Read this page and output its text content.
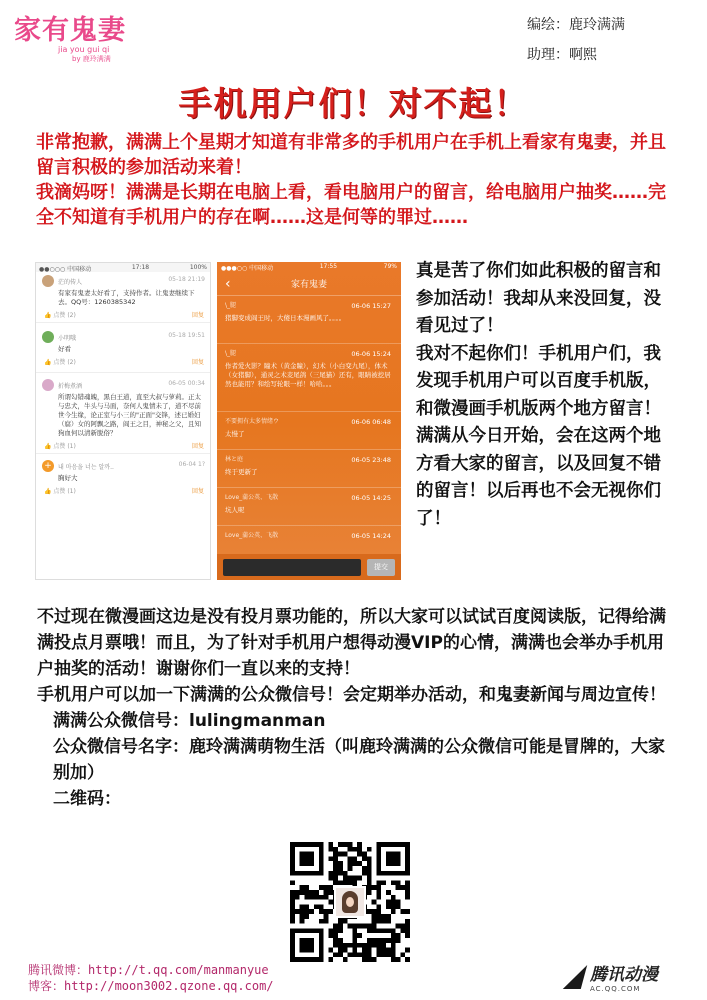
家有鬼妻
jia you gui qi
by 鹿玲满满
编绘：鹿玲满满
助理：啊熙
手机用户们！对不起！

非常抱歉，满满上个星期才知道有非常多的手机用户在手机上看家有鬼妻，并且留言积极的参加活动来着！

我滴妈呀！满满是长期在电脑上看，看电脑用户的留言，给电脑用户抽奖……完全不知道有手机用户的存在啊……这是何等的罪过……

●●○○○ 中国移动	17:18	100%
茫的传人	05-18 21:19
有家有鬼妻太好看了，支持作者。让鬼妻继续下去。QQ号：1260385342
👍 点赞 (2)	回复
小明哦	05-18 19:51
好看
👍 点赞 (2)	回复
折梅煮酒	06-05 00:34
所谓勾错魂魄，黑白王道，直至大叔与萝莉。正太与忠犬，牛头与马面，奈何人鬼情未了，道不尽前世今生缘，论正室与小三的"正面"交锋，述已婚妇（腐）女的阿飘之路，阎王之目，神秘之父，且知狗血何以清新脱俗？
👍 点赞 (1)	回复
+	내 마음을 너는 알까..	06-04 1?
胸好大
👍 点赞 (1)	回复
●●●○○ 中国移动	17:55	79%
‹	家有鬼妻
\_腿	06-06 15:27
猪脚变成阎王时，大傻日本漫画风了。。。。
\_腿	06-06 15:24
作者爱火影？瞳术（黄金瞳），幻术（小白变九尾），体术（女猪脚），通灵之术麦尾鸽（三尾猫）还有，眼睛被挖居然也能用？和绘写轮眼一样！哈哈。。。
不要拥有太多情绪ウ	06-06 06:48
太慢了
林と庭	06-05 23:48
终于更新了
Love_蒲公英、飞散	06-05 14:25
坑人呢
Love_蒲公英、飞散	06-05 14:24
提交

真是苦了你们如此积极的留言和参加活动！我却从来没回复，没看见过了！

我对不起你们！手机用户们，我发现手机用户可以百度手机版，和微漫画手机版两个地方留言！满满从今日开始，会在这两个地方看大家的留言，以及回复不错的留言！以后再也不会无视你们了！

不过现在微漫画这边是没有投月票功能的，所以大家可以试试百度阅读版，记得给满满投点月票哦！而且，为了针对手机用户想得动漫VIP的心情，满满也会举办手机用户抽奖的活动！谢谢你们一直以来的支持！

手机用户可以加一下满满的公众微信号！会定期举办活动，和鬼妻新闻与周边宣传！

满满公众微信号：lulingmanman

公众微信号名字：鹿玲满满萌物生活（叫鹿玲满满的公众微信可能是冒牌的，大家别加）

二维码：

腾讯微博：http://t.qq.com/manmanyue
博客：http://moon3002.qzone.qq.com/
腾讯动漫
AC.QQ.COM
